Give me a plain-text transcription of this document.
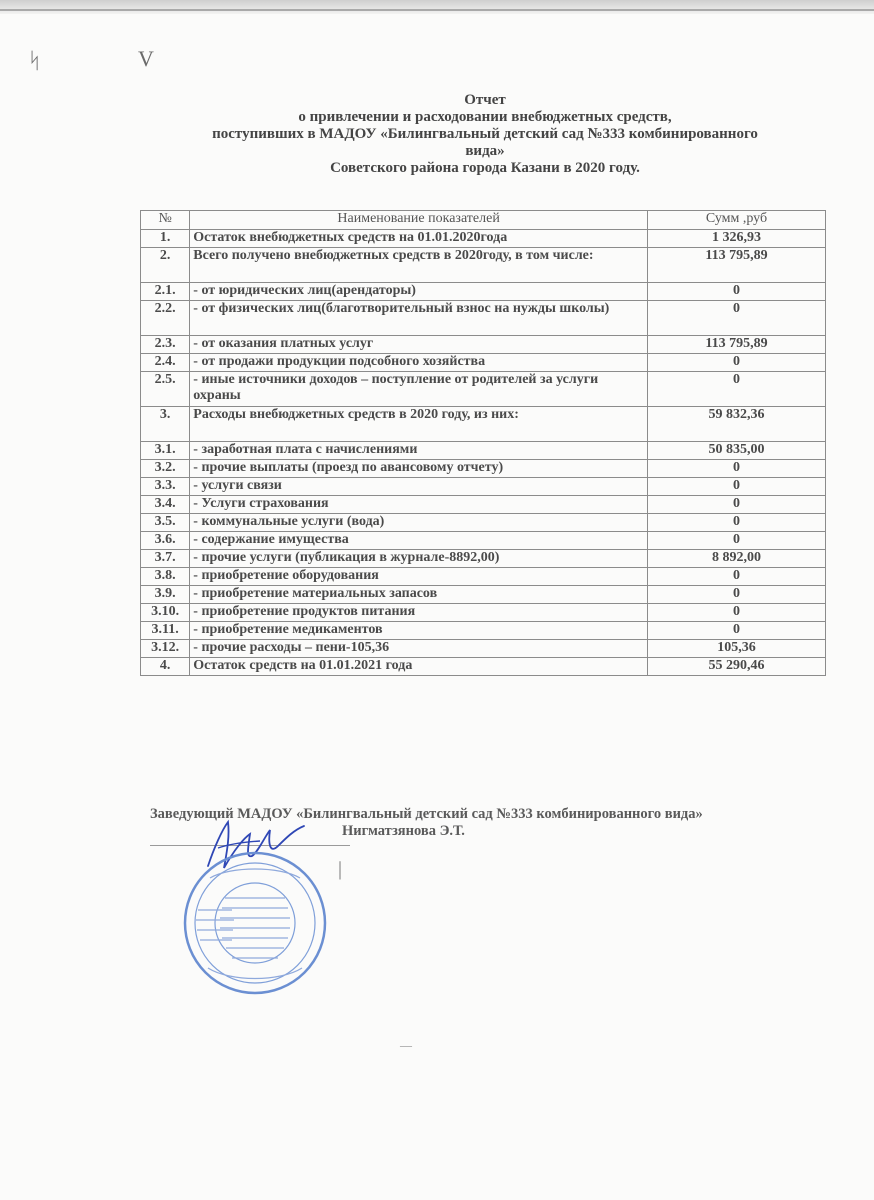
ᛋ	V
Отчет
о привлечении и расходовании внебюджетных средств,
поступивших в МАДОУ «Билингвальный детский сад №333 комбинированного
вида»
Советского района города Казани в 2020 году.
№	Наименование показателей	Сумм ,руб
1.	Остаток внебюджетных средств на 01.01.2020года	1 326,93
2.	Всего получено внебюджетных средств в 2020году, в том числе:	113 795,89
2.1.	- от юридических лиц(арендаторы)	0
2.2.	- от физических лиц(благотворительный взнос на нужды школы)	0
2.3.	- от оказания платных услуг	113 795,89
2.4.	- от продажи продукции подсобного хозяйства	0
2.5.	- иные источники доходов – поступление от родителей за услуги охраны	0
3.	Расходы внебюджетных средств в 2020 году, из них:	59 832,36
3.1.	- заработная плата с начислениями	50 835,00
3.2.	- прочие выплаты (проезд по авансовому отчету)	0
3.3.	- услуги связи	0
3.4.	- Услуги страхования	0
3.5.	- коммунальные услуги (вода)	0
3.6.	- содержание имущества	0
3.7.	- прочие услуги (публикация в журнале-8892,00)	8 892,00
3.8.	- приобретение оборудования	0
3.9.	- приобретение материальных запасов	0
3.10.	- приобретение продуктов питания	0
3.11.	- приобретение медикаментов	0
3.12.	- прочие расходы – пени-105,36	105,36
4.	Остаток средств на 01.01.2021 года	55 290,46
Заведующий МАДОУ «Билингвальный детский сад №333 комбинированного вида»
Нигматзянова Э.Т.
|
—
